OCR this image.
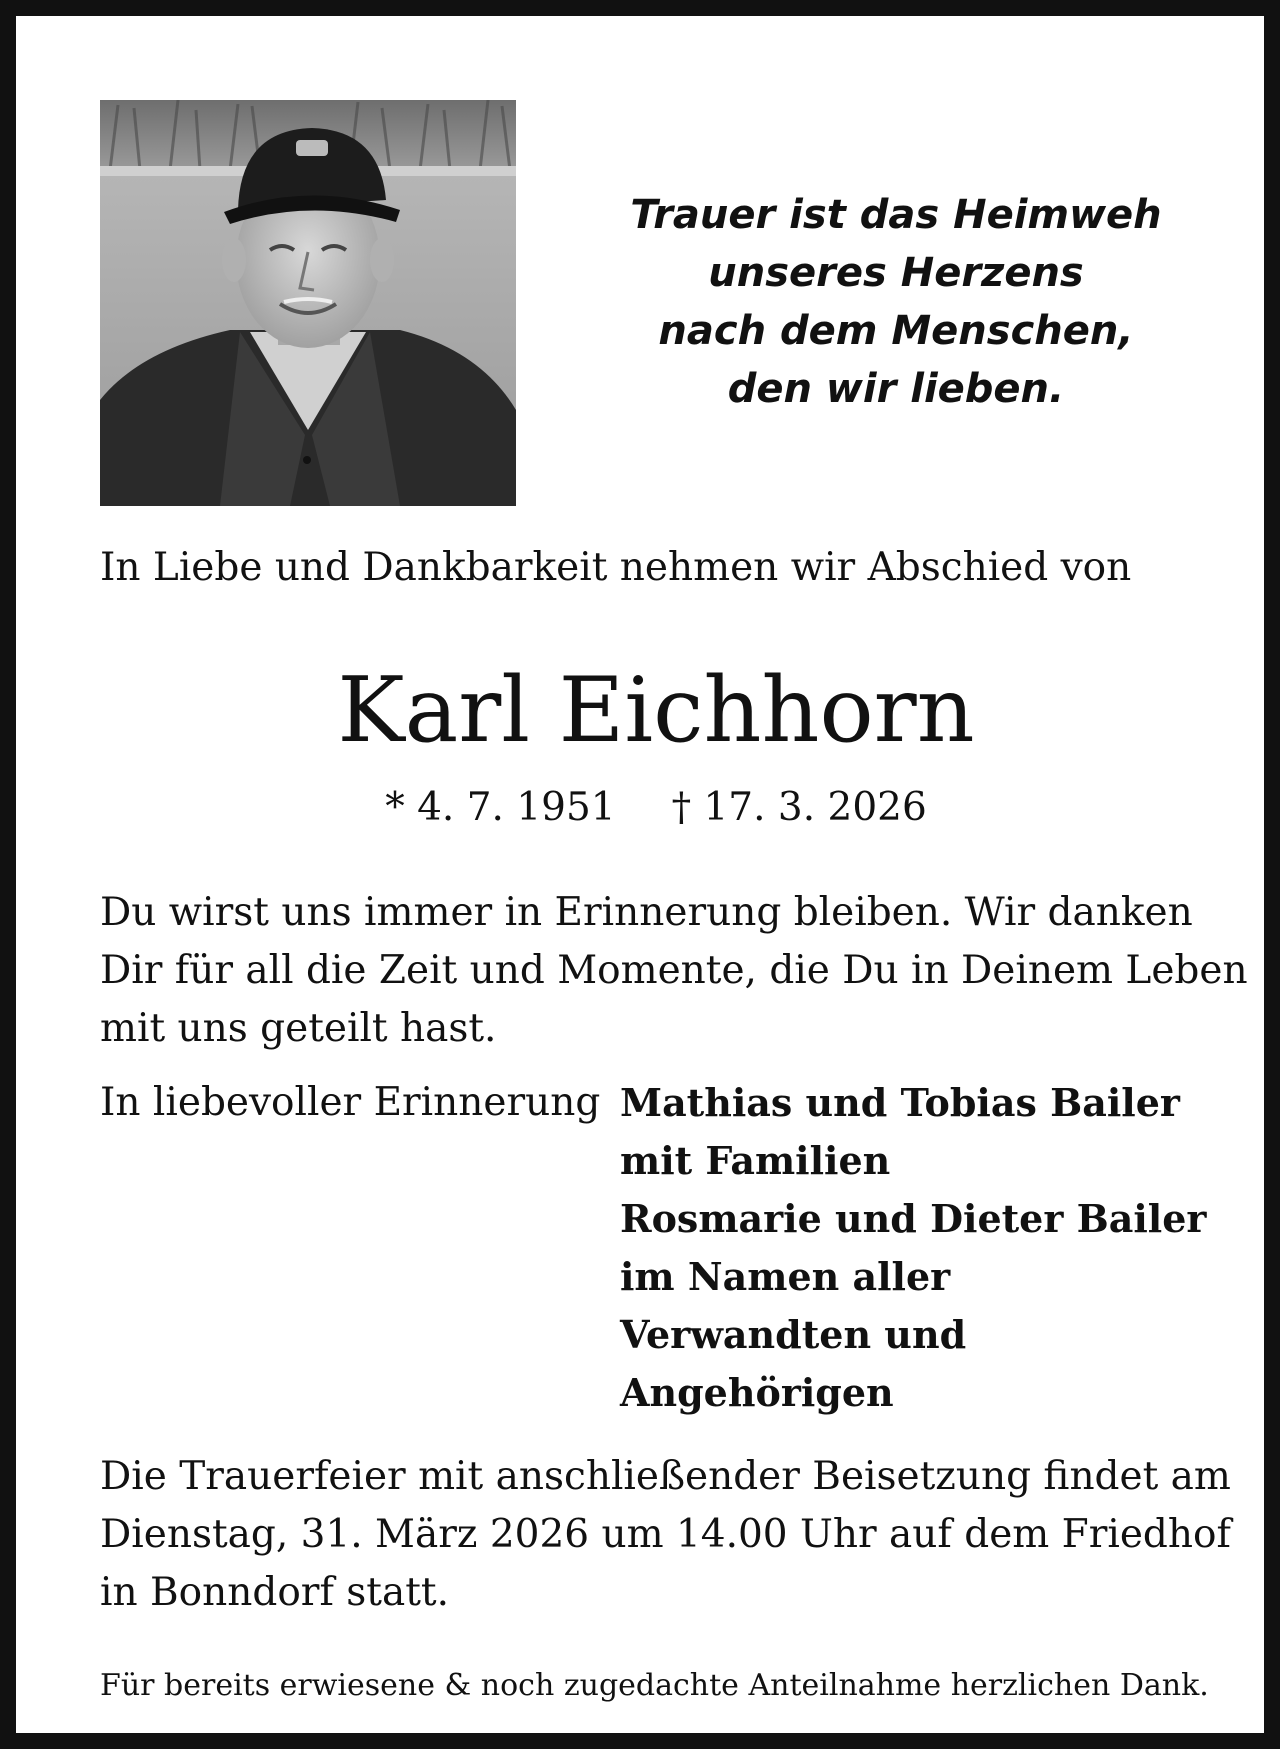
Trauer ist das Heimweh
unseres Herzens
nach dem Menschen,
den wir lieben.
In Liebe und Dankbarkeit nehmen wir Abschied von
Karl Eichhorn
* 4. 7. 1951 † 17. 3. 2026
Du wirst uns immer in Erinnerung bleiben. Wir danken
Dir für all die Zeit und Momente, die Du in Deinem Leben
mit uns geteilt hast.
In liebevoller Erinnerung Mathias und Tobias Bailer
mit Familien
Rosmarie und Dieter Bailer
im Namen aller
Verwandten und
Angehörigen
Die Trauerfeier mit anschließender Beisetzung findet am
Dienstag, 31. März 2026 um 14.00 Uhr auf dem Friedhof
in Bonndorf statt.
Für bereits erwiesene & noch zugedachte Anteilnahme herzlichen Dank.
